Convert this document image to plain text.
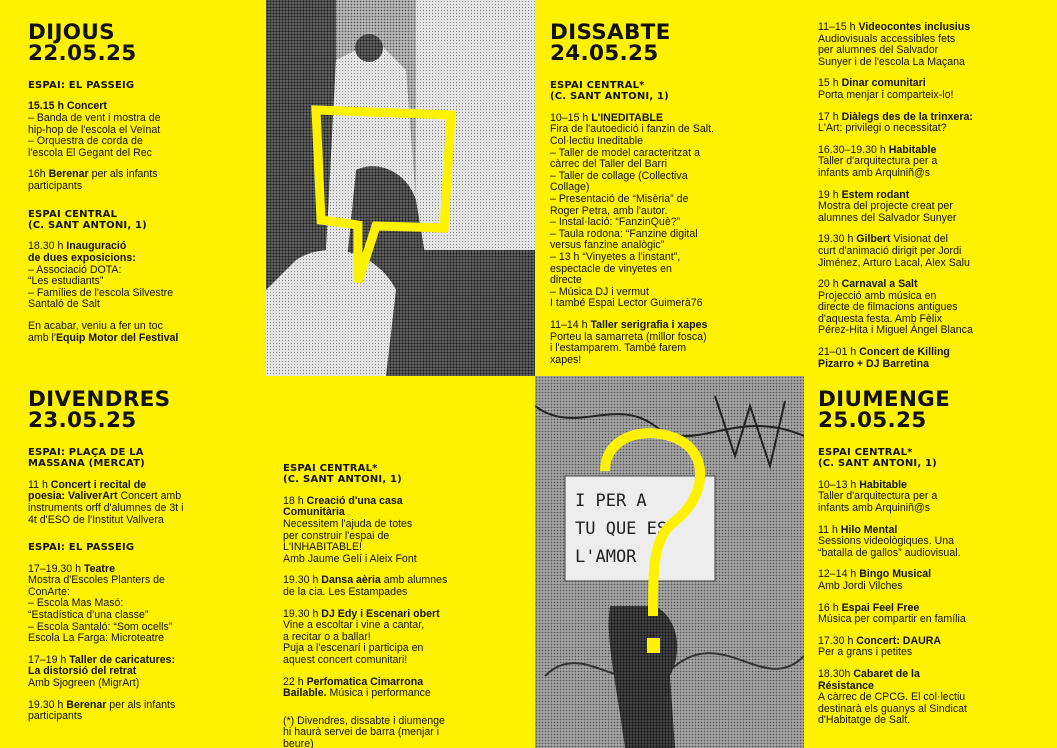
I PER A
TU QUE ES
L'AMOR
DIJOUS
22.05.25
ESPAI: EL PASSEIG
15.15 h Concert
– Banda de vent i mostra de
hip-hop de l'escola el Veïnat
– Orquestra de corda de
l'escola El Gegant del Rec
16h Berenar per als infants
participants
ESPAI CENTRAL
(C. SANT ANTONI, 1)
18.30 h Inauguració
de dues exposicions:
– Associació DOTA:
“Les estudiants”
– Famílies de l'escola Silvestre
Santaló de Salt
En acabar, veniu a fer un toc
amb l'Equip Motor del Festival
DIVENDRES
23.05.25
ESPAI: PLAÇA DE LA
MASSANA (MERCAT)
11 h Concert i recital de
poesia: ValiverArt Concert amb
instruments orff d'alumnes de 3t i
4t d'ESO de l'Institut Vallvera
ESPAI: EL PASSEIG
17–19.30 h Teatre
Mostra d'Escoles Planters de
ConArte:
– Escola Mas Masó:
“Estadística d'una classe”
– Escola Santaló: “Som ocells”
Escola La Farga: Microteatre
17–19 h Taller de caricatures:
La distorsió del retrat
Amb Sjogreen (MigrArt)
19.30 h Berenar per als infants
participants
ESPAI CENTRAL*
(C. SANT ANTONI, 1)
18 h Creació d'una casa
Comunitària
Necessitem l'ajuda de totes
per construir l'espai de
L'INHABITABLE!
Amb Jaume Gelí i Aleix Font
19.30 h Dansa aèria amb alumnes
de la cia. Les Estampades
19.30 h DJ Edy i Escenari obert
Vine a escoltar i vine a cantar,
a recitar o a ballar!
Puja a l'escenari i participa en
aquest concert comunitari!
22 h Perfomatica Cimarrona
Bailable. Música i performance
(*) Divendres, dissabte i diumenge
hi haurà servei de barra (menjar i
beure)
DISSABTE
24.05.25
ESPAI CENTRAL*
(C. SANT ANTONI, 1)
10–15 h L'INEDITABLE
Fira de l'autoedició i fanzin de Salt.
Col·lectiu Ineditable
– Taller de model caracteritzat a
càrrec del Taller del Barri
– Taller de collage (Collectiva
Collage)
– Presentació de “Misèria” de
Roger Petra, amb l'autor.
– Instal·lació: “FanzinQuè?”
– Taula rodona: “Fanzine digital
versus fanzine analògic”
– 13 h “Vinyetes a l'instant”,
espectacle de vinyetes en
directe
– Música DJ i vermut
I també Espai Lector Guimerà76
11–14 h Taller serigrafia i xapes
Porteu la samarreta (millor fosca)
i l'estamparem. També farem
xapes!
11–15 h Videocontes inclusius
Audiovisuals accessibles fets
per alumnes del Salvador
Sunyer i de l'escola La Maçana
15 h Dinar comunitari
Porta menjar i comparteix-lo!
17 h Diàlegs des de la trinxera:
L'Art: privilegi o necessitat?
16.30–19.30 h Habitable
Taller d'arquitectura per a
infants amb Arquiniñ@s
19 h Estem rodant
Mostra del projecte creat per
alumnes del Salvador Sunyer
19.30 h Gilbert Visionat del
curt d'animació dirigit per Jordi
Jiménez, Arturo Lacal, Alex Salu
20 h Carnaval a Salt
Projecció amb música en
directe de filmacions antigues
d'aquesta festa. Amb Fèlix
Pérez-Hita i Miguel Àngel Blanca
21–01 h Concert de Killing
Pizarro + DJ Barretina
DIUMENGE
25.05.25
ESPAI CENTRAL*
(C. SANT ANTONI, 1)
10–13 h Habitable
Taller d'arquitectura per a
infants amb Arquiniñ@s
11 h Hilo Mental
Sessions videològiques. Una
“batalla de gallos” audiovisual.
12–14 h Bingo Musical
Amb Jordi Vilches
16 h Espai Feel Free
Música per compartir en família
17.30 h Concert: DAURA
Per a grans i petites
18.30h Cabaret de la
Résistance
A càrrec de CPCG. El col·lectiu
destinarà els guanys al Sindicat
d'Habitatge de Salt.
